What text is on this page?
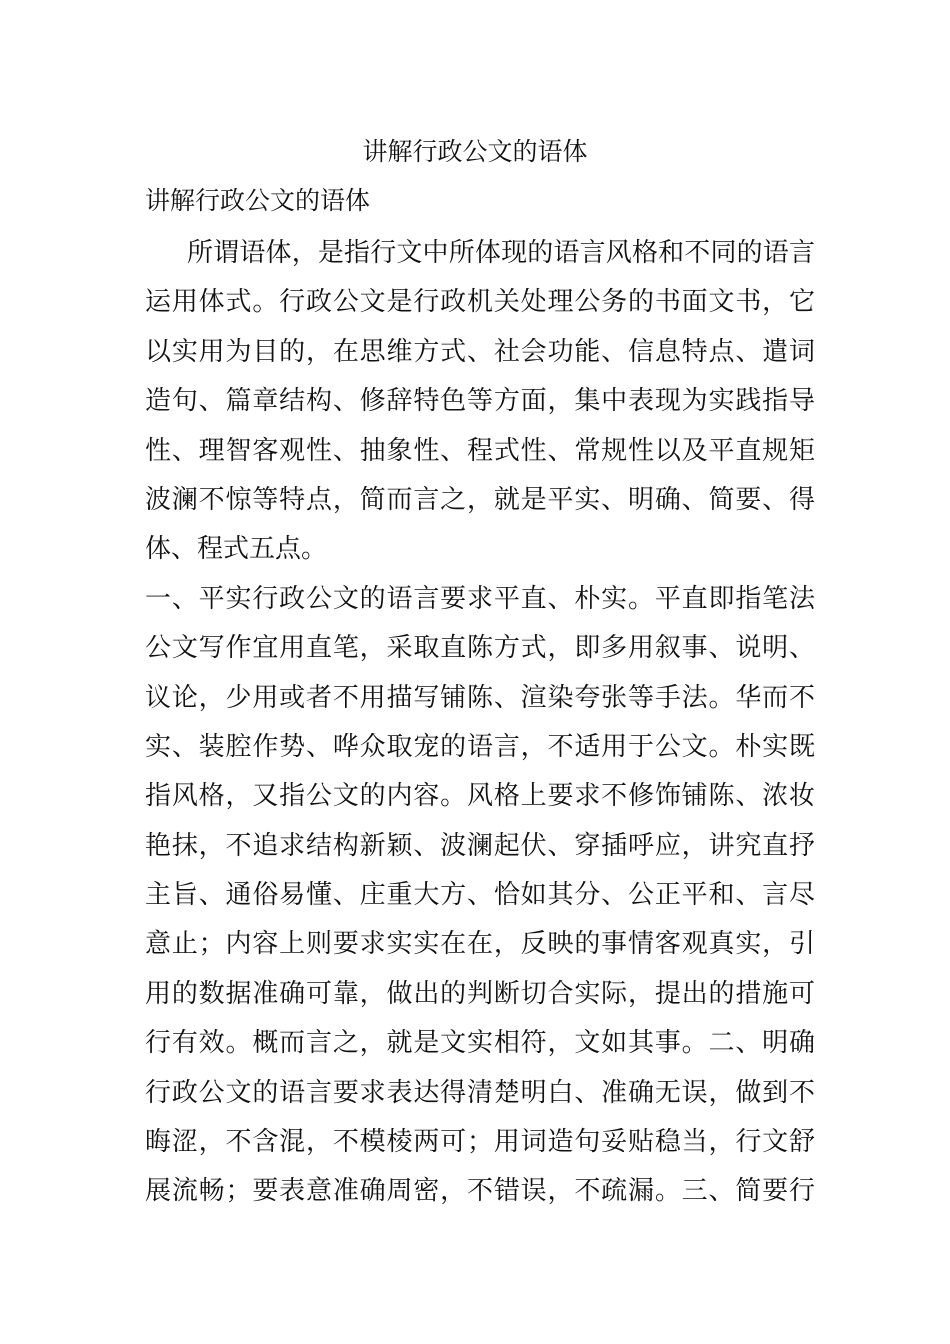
讲解行政公文的语体
讲解行政公文的语体
所谓语体，是指行文中所体现的语言风格和不同的语言
运用体式。行政公文是行政机关处理公务的书面文书，它
以实用为目的，在思维方式、社会功能、信息特点、遣词
造句、篇章结构、修辞特色等方面，集中表现为实践指导
性、理智客观性、抽象性、程式性、常规性以及平直规矩
波澜不惊等特点，简而言之，就是平实、明确、简要、得
体、程式五点。
一、平实行政公文的语言要求平直、朴实。平直即指笔法
公文写作宜用直笔，采取直陈方式，即多用叙事、说明、
议论，少用或者不用描写铺陈、渲染夸张等手法。华而不
实、装腔作势、哗众取宠的语言，不适用于公文。朴实既
指风格，又指公文的内容。风格上要求不修饰铺陈、浓妆
艳抹，不追求结构新颖、波澜起伏、穿插呼应，讲究直抒
主旨、通俗易懂、庄重大方、恰如其分、公正平和、言尽
意止；内容上则要求实实在在，反映的事情客观真实，引
用的数据准确可靠，做出的判断切合实际，提出的措施可
行有效。概而言之，就是文实相符，文如其事。二、明确
行政公文的语言要求表达得清楚明白、准确无误，做到不
晦涩，不含混，不模棱两可；用词造句妥贴稳当，行文舒
展流畅；要表意准确周密，不错误，不疏漏。三、简要行
